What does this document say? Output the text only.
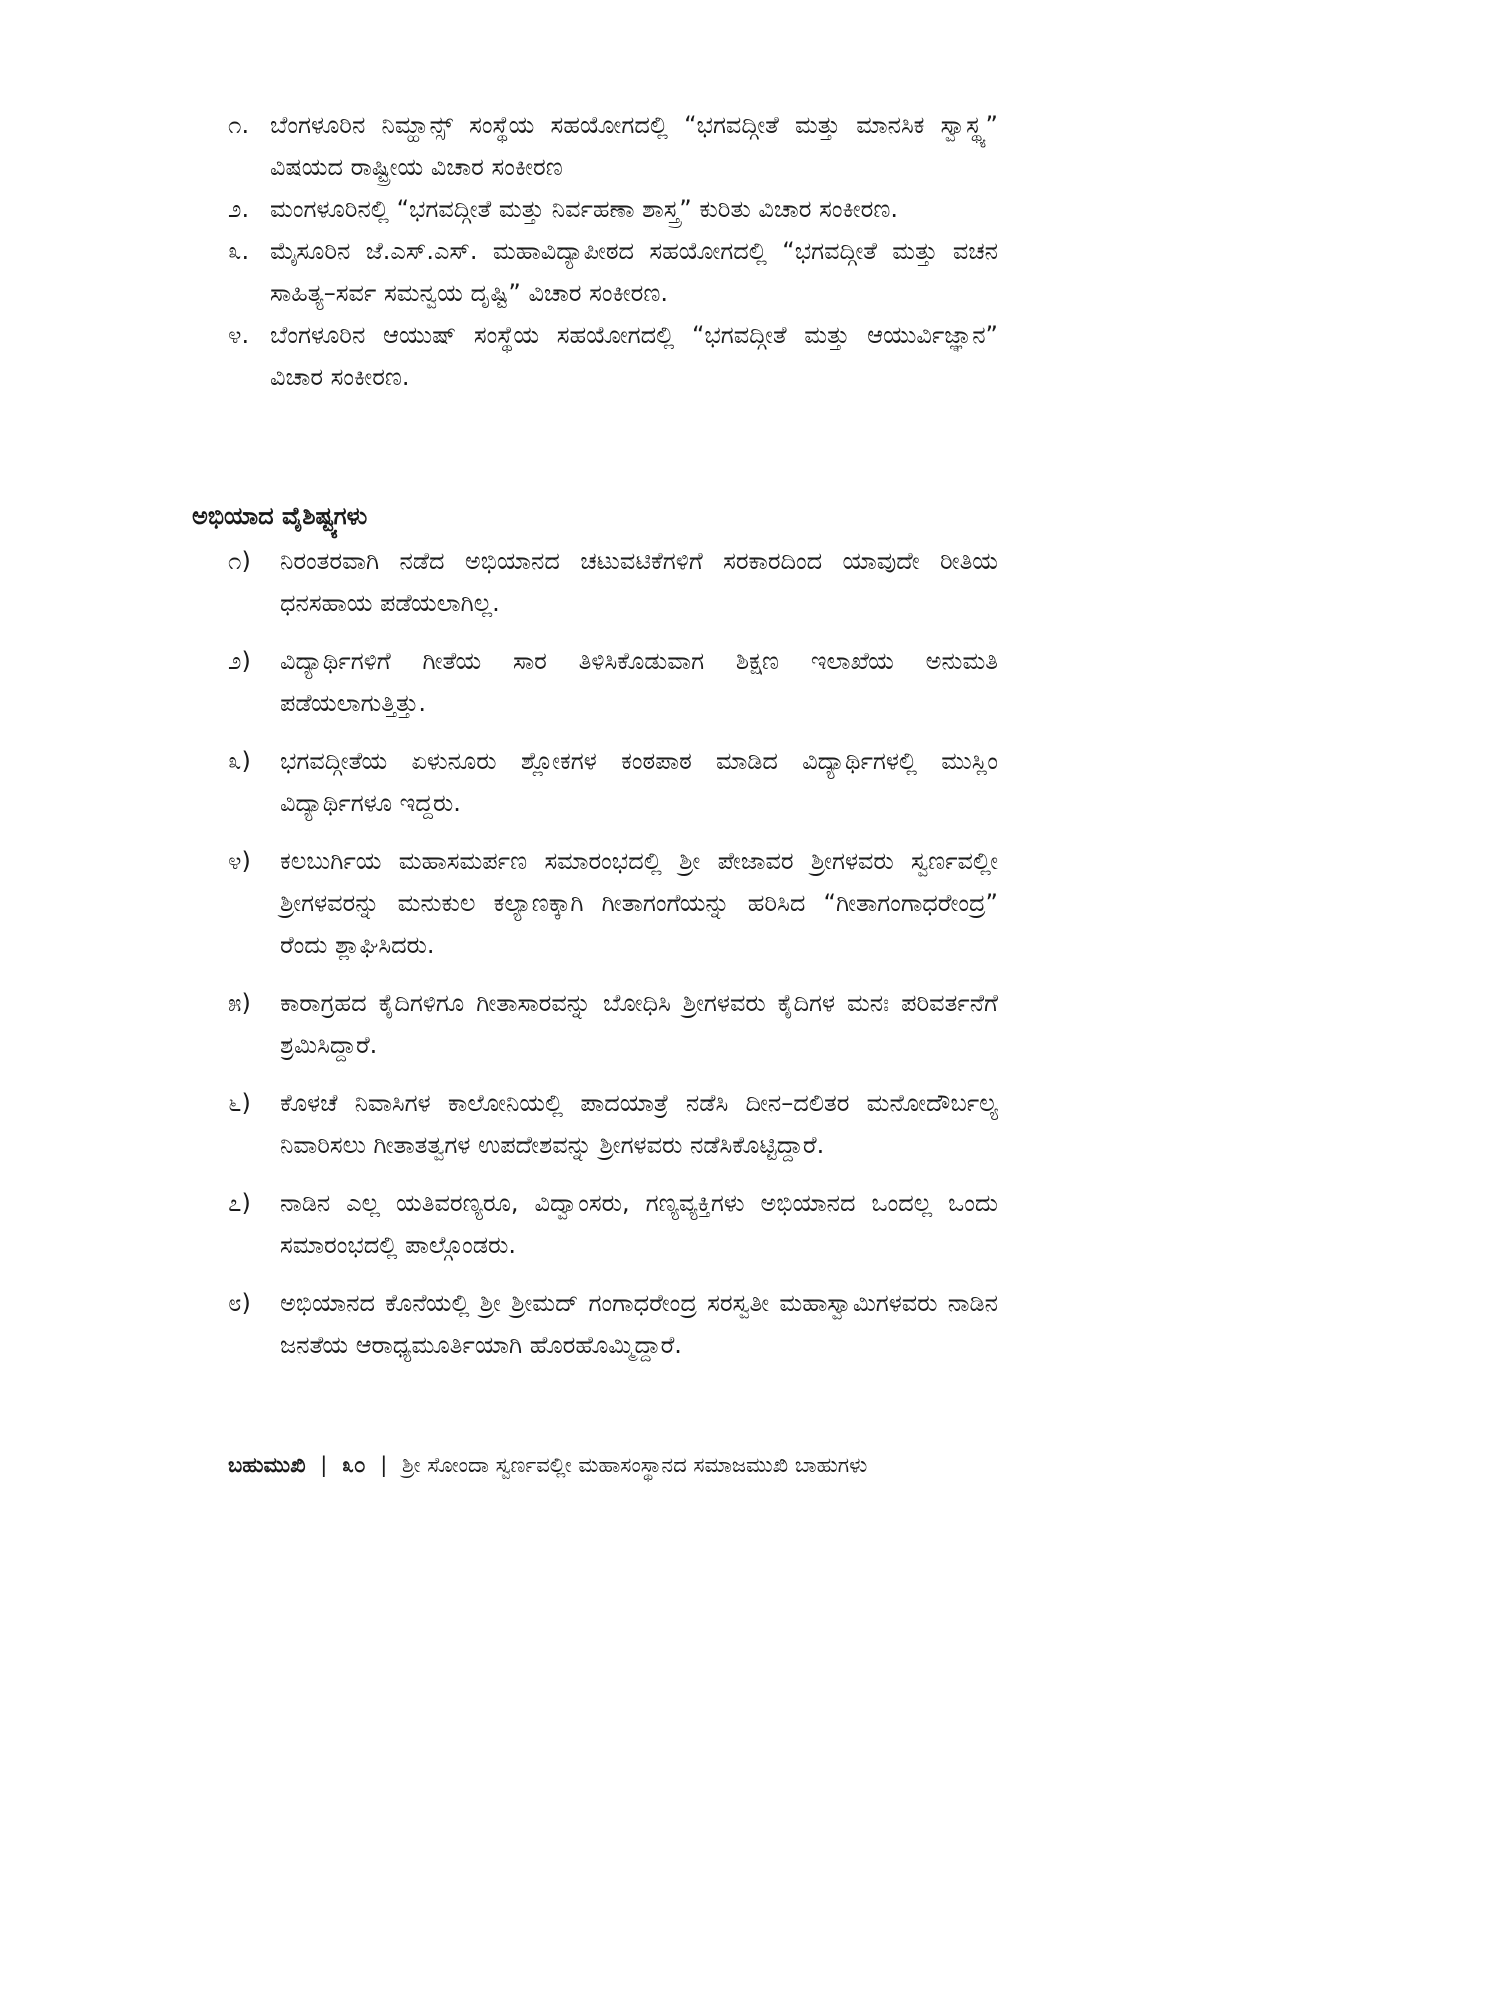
೧. ಬೆಂಗಳೂರಿನ ನಿಮ್ಹಾನ್ಸ್ ಸಂಸ್ಥೆಯ ಸಹಯೋಗದಲ್ಲಿ “ಭಗವದ್ಗೀತೆ ಮತ್ತು ಮಾನಸಿಕ ಸ್ವಾಸ್ಥ್ಯ” ವಿಷಯದ ರಾಷ್ಟ್ರೀಯ ವಿಚಾರ ಸಂಕೀರಣ
೨. ಮಂಗಳೂರಿನಲ್ಲಿ “ಭಗವದ್ಗೀತೆ ಮತ್ತು ನಿರ್ವಹಣಾ ಶಾಸ್ತ್ರ” ಕುರಿತು ವಿಚಾರ ಸಂಕೀರಣ.
೩. ಮೈಸೂರಿನ ಜೆ.ಎಸ್.ಎಸ್. ಮಹಾವಿದ್ಯಾಪೀಠದ ಸಹಯೋಗದಲ್ಲಿ “ಭಗವದ್ಗೀತೆ ಮತ್ತು ವಚನ ಸಾಹಿತ್ಯ–ಸರ್ವ ಸಮನ್ವಯ ದೃಷ್ಟಿ” ವಿಚಾರ ಸಂಕೀರಣ.
೪. ಬೆಂಗಳೂರಿನ ಆಯುಷ್ ಸಂಸ್ಥೆಯ ಸಹಯೋಗದಲ್ಲಿ “ಭಗವದ್ಗೀತೆ ಮತ್ತು ಆಯುರ್ವಿಜ್ಞಾನ” ವಿಚಾರ ಸಂಕೀರಣ.
ಅಭಿಯಾದ ವೈಶಿಷ್ಟ್ಯಗಳು
೧)	ನಿರಂತರವಾಗಿ ನಡೆದ ಅಭಿಯಾನದ ಚಟುವಟಿಕೆಗಳಿಗೆ ಸರಕಾರದಿಂದ ಯಾವುದೇ ರೀತಿಯ ಧನಸಹಾಯ ಪಡೆಯಲಾಗಿಲ್ಲ.
೨)	ವಿದ್ಯಾರ್ಥಿಗಳಿಗೆ ಗೀತೆಯ ಸಾರ ತಿಳಿಸಿಕೊಡುವಾಗ ಶಿಕ್ಷಣ ಇಲಾಖೆಯ ಅನುಮತಿ ಪಡೆಯಲಾಗುತ್ತಿತ್ತು.
೩)	ಭಗವದ್ಗೀತೆಯ ಏಳುನೂರು ಶ್ಲೋಕಗಳ ಕಂಠಪಾಠ ಮಾಡಿದ ವಿದ್ಯಾರ್ಥಿಗಳಲ್ಲಿ ಮುಸ್ಲಿಂ ವಿದ್ಯಾರ್ಥಿಗಳೂ ಇದ್ದರು.
೪)	ಕಲಬುರ್ಗಿಯ ಮಹಾಸಮರ್ಪಣ ಸಮಾರಂಭದಲ್ಲಿ ಶ್ರೀ ಪೇಜಾವರ ಶ್ರೀಗಳವರು ಸ್ವರ್ಣವಲ್ಲೀ ಶ್ರೀಗಳವರನ್ನು ಮನುಕುಲ ಕಲ್ಯಾಣಕ್ಕಾಗಿ ಗೀತಾಗಂಗೆಯನ್ನು ಹರಿಸಿದ “ಗೀತಾಗಂಗಾಧರೇಂದ್ರ” ರೆಂದು ಶ್ಲಾಘಿಸಿದರು.
೫)	ಕಾರಾಗ್ರಹದ ಕೈದಿಗಳಿಗೂ ಗೀತಾಸಾರವನ್ನು ಬೋಧಿಸಿ ಶ್ರೀಗಳವರು ಕೈದಿಗಳ ಮನಃ ಪರಿವರ್ತನೆಗೆ ಶ್ರಮಿಸಿದ್ದಾರೆ.
೬)	ಕೊಳಚೆ ನಿವಾಸಿಗಳ ಕಾಲೋನಿಯಲ್ಲಿ ಪಾದಯಾತ್ರೆ ನಡೆಸಿ ದೀನ–ದಲಿತರ ಮನೋದೌರ್ಬಲ್ಯ ನಿವಾರಿಸಲು ಗೀತಾತತ್ವಗಳ ಉಪದೇಶವನ್ನು ಶ್ರೀಗಳವರು ನಡೆಸಿಕೊಟ್ಟಿದ್ದಾರೆ.
೭)	ನಾಡಿನ ಎಲ್ಲ ಯತಿವರಣ್ಯರೂ, ವಿದ್ವಾಂಸರು, ಗಣ್ಯವ್ಯಕ್ತಿಗಳು ಅಭಿಯಾನದ ಒಂದಲ್ಲ ಒಂದು ಸಮಾರಂಭದಲ್ಲಿ ಪಾಲ್ಗೊಂಡರು.
೮)	ಅಭಿಯಾನದ ಕೊನೆಯಲ್ಲಿ ಶ್ರೀ ಶ್ರೀಮದ್ ಗಂಗಾಧರೇಂದ್ರ ಸರಸ್ವತೀ ಮಹಾಸ್ವಾಮಿಗಳವರು ನಾಡಿನ ಜನತೆಯ ಆರಾಧ್ಯಮೂರ್ತಿಯಾಗಿ ಹೊರಹೊಮ್ಮಿದ್ದಾರೆ.
ಬಹುಮುಖಿ | ೩೦ | ಶ್ರೀ ಸೋಂದಾ ಸ್ವರ್ಣವಲ್ಲೀ ಮಹಾಸಂಸ್ಥಾನದ ಸಮಾಜಮುಖಿ ಬಾಹುಗಳು
